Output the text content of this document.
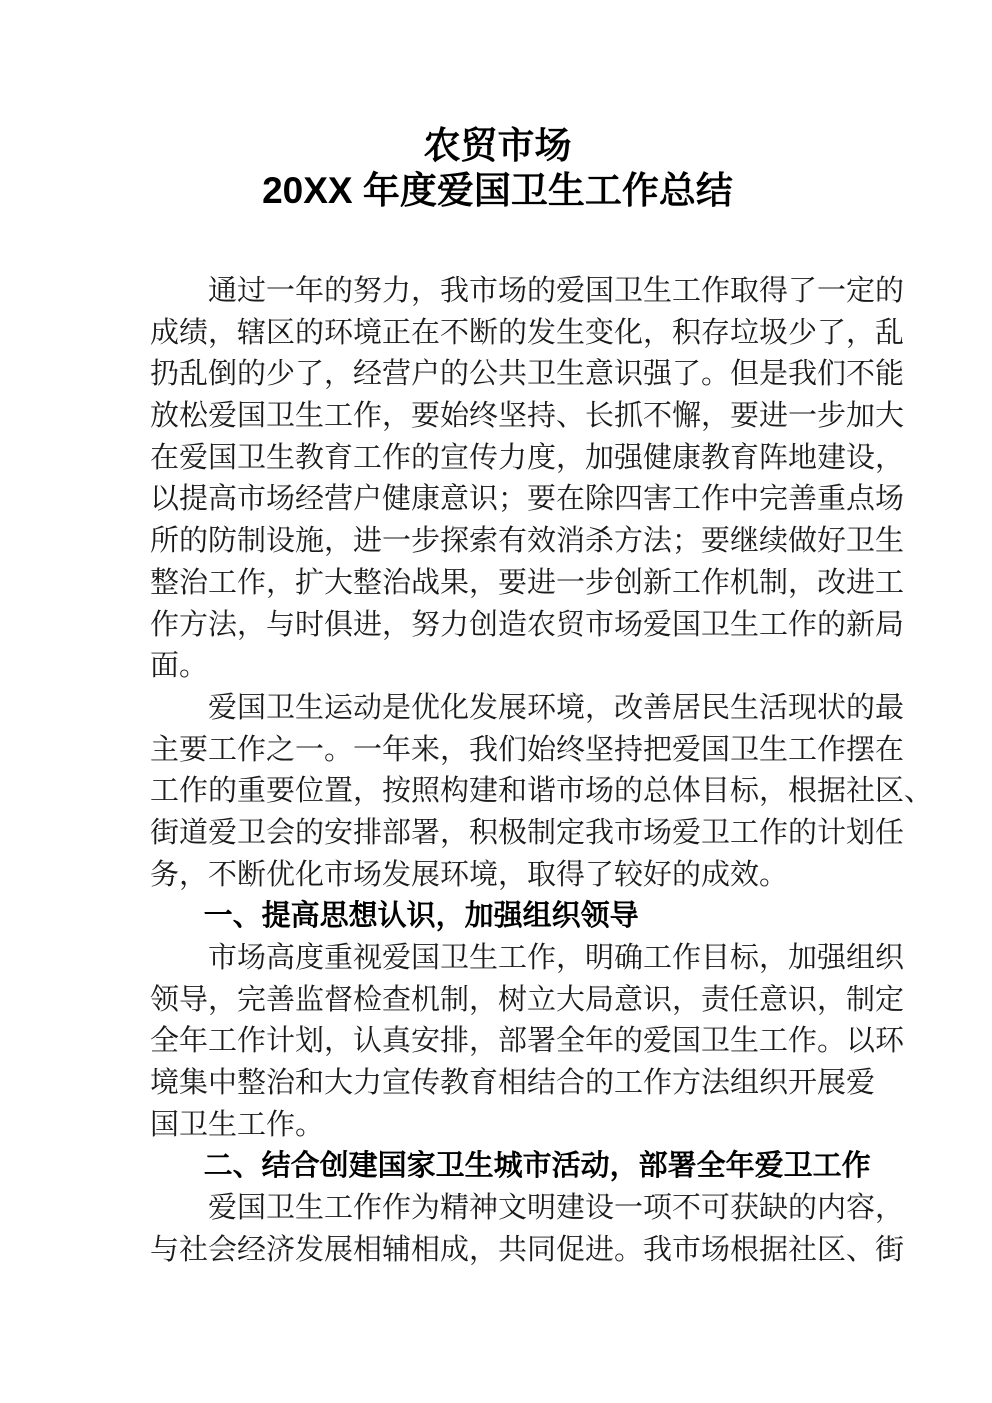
农贸市场
20XX 年度爱国卫生工作总结
通过一年的努力，我市场的爱国卫生工作取得了一定的
成绩，辖区的环境正在不断的发生变化，积存垃圾少了，乱
扔乱倒的少了，经营户的公共卫生意识强了。但是我们不能
放松爱国卫生工作，要始终坚持、长抓不懈，要进一步加大
在爱国卫生教育工作的宣传力度，加强健康教育阵地建设，
以提高市场经营户健康意识；要在除四害工作中完善重点场
所的防制设施，进一步探索有效消杀方法；要继续做好卫生
整治工作，扩大整治战果，要进一步创新工作机制，改进工
作方法，与时俱进，努力创造农贸市场爱国卫生工作的新局
面。
爱国卫生运动是优化发展环境，改善居民生活现状的最
主要工作之一。一年来，我们始终坚持把爱国卫生工作摆在
工作的重要位置，按照构建和谐市场的总体目标，根据社区、
街道爱卫会的安排部署，积极制定我市场爱卫工作的计划任
务，不断优化市场发展环境，取得了较好的成效。
一、提高思想认识，加强组织领导
市场高度重视爱国卫生工作，明确工作目标，加强组织
领导，完善监督检查机制，树立大局意识，责任意识，制定
全年工作计划，认真安排，部署全年的爱国卫生工作。以环
境集中整治和大力宣传教育相结合的工作方法组织开展爱
国卫生工作。
二、结合创建国家卫生城市活动，部署全年爱卫工作
爱国卫生工作作为精神文明建设一项不可获缺的内容，
与社会经济发展相辅相成，共同促进。我市场根据社区、街
